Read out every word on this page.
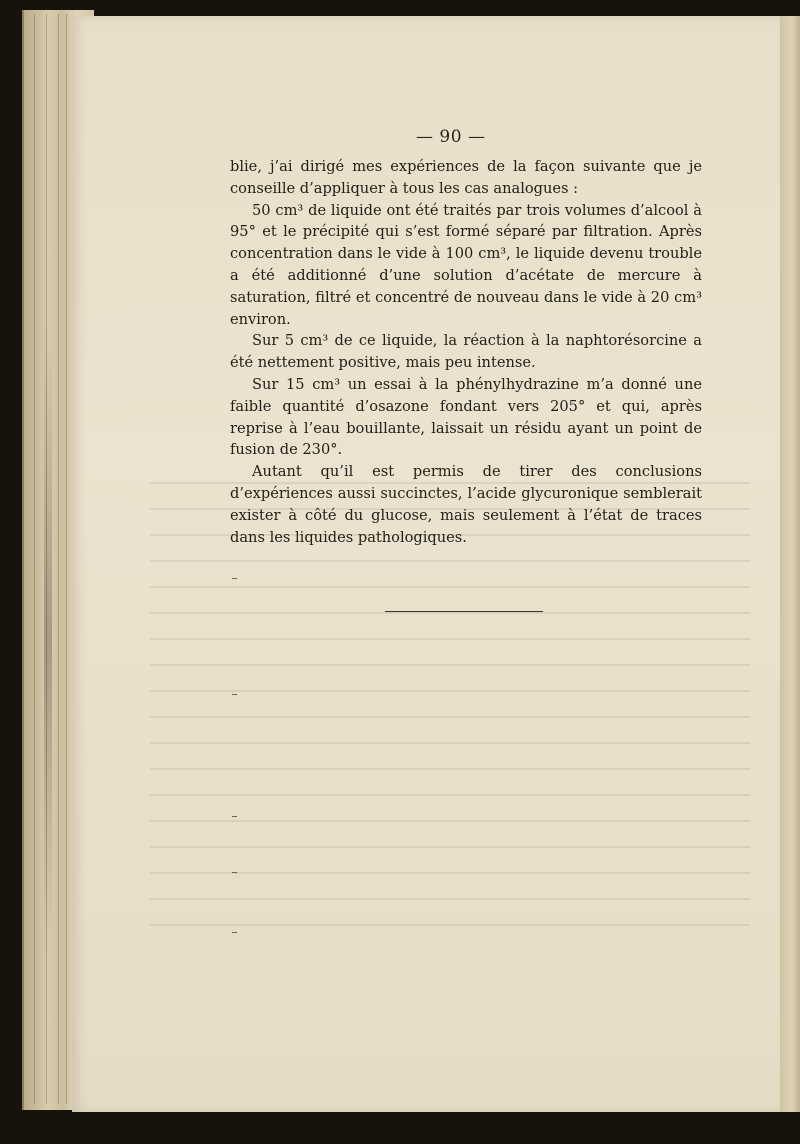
— 90 —

blie, j’ai dirigé mes expériences de la façon suivante que je conseille d’appliquer à tous les cas analogues :

50 cm³ de liquide ont été traités par trois volumes d’alcool à 95° et le précipité qui s’est formé séparé par filtration. Après concentration dans le vide à 100 cm³, le liquide devenu trouble a été additionné d’une solution d’acétate de mercure à saturation, filtré et concentré de nouveau dans le vide à 20 cm³ environ.

Sur 5 cm³ de ce liquide, la réaction à la naphtorésorcine a été nettement positive, mais peu intense.

Sur 15 cm³ un essai à la phénylhydrazine m’a donné une faible quantité d’osazone fondant vers 205° et qui, après reprise à l’eau bouillante, laissait un résidu ayant un point de fusion de 230°.

Autant qu’il est permis de tirer des conclusions d’expériences aussi succinctes, l’acide glycuronique semblerait exister à côté du glucose, mais seulement à l’état de traces dans les liquides pathologiques.
